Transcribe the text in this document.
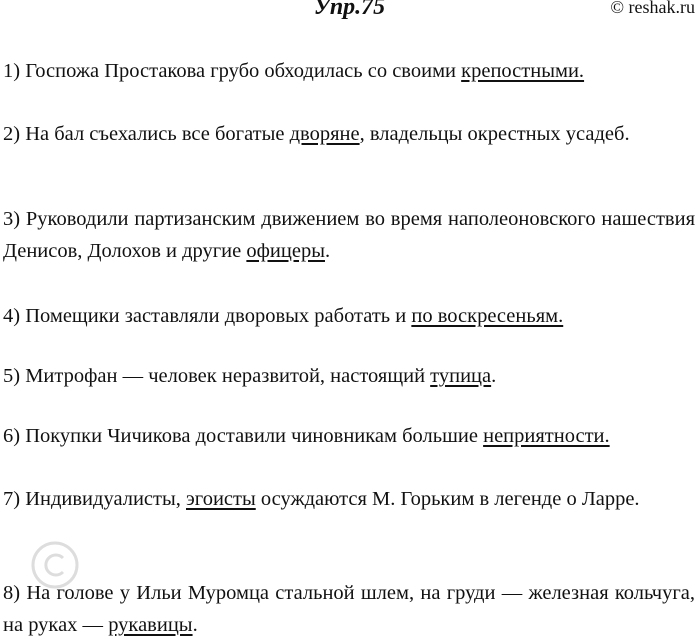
Упр.75	© reshak.ru
1) Госпожа Простакова грубо обходилась со своими крепостными.
2) На бал съехались все богатые дворяне, владельцы окрестных усадеб.
3) Руководили партизанским движением во время наполеоновского нашествия Денисов, Долохов и другие офицеры.
4) Помещики заставляли дворовых работать и по воскресеньям.
5) Митрофан — человек неразвитой, настоящий тупица.
6) Покупки Чичикова доставили чиновникам большие неприятности.
7) Индивидуалисты, эгоисты осуждаются М. Горьким в легенде о Ларре.
8) На голове у Ильи Муромца стальной шлем, на груди — железная кольчуга, на руках — рукавицы.
